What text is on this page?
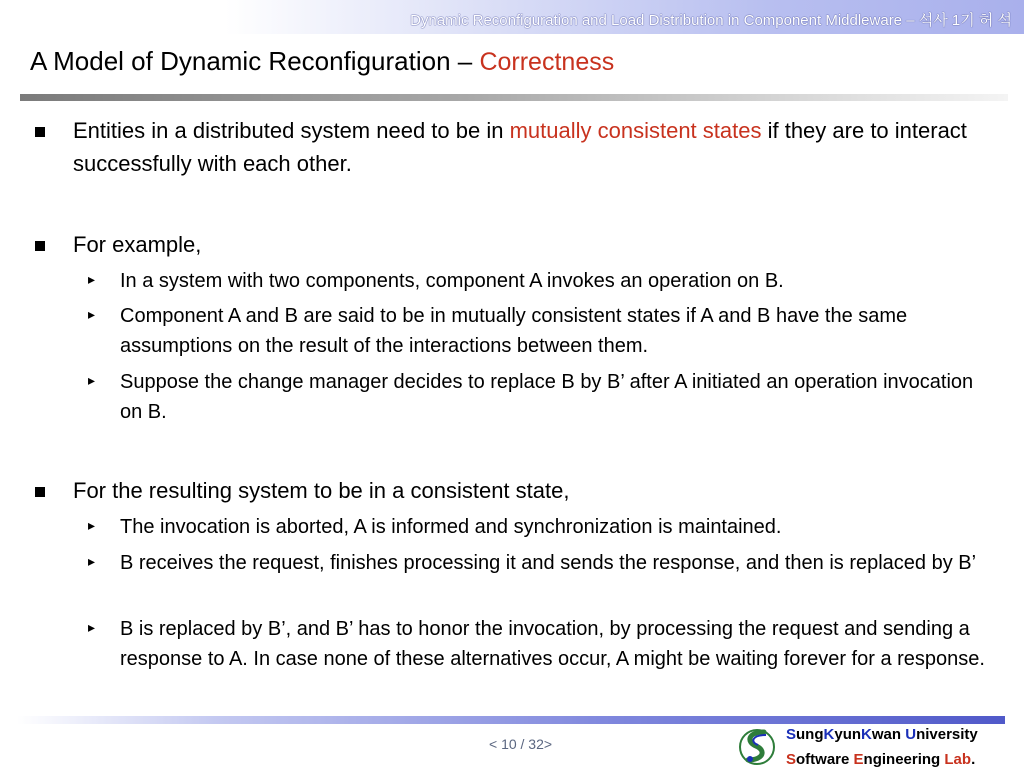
Dynamic Reconfiguration and Load Distribution in Component Middleware – 석사 1기 허 석
A Model of Dynamic Reconfiguration – Correctness
Entities in a distributed system need to be in mutually consistent states if they are to interact successfully with each other.
For example,
▸ In a system with two components, component A invokes an operation on B.
▸ Component A and B are said to be in mutually consistent states if A and B have the same assumptions on the result of the interactions between them.
▸ Suppose the change manager decides to replace B by B’ after A initiated an operation invocation on B.
For the resulting system to be in a consistent state,
▸ The invocation is aborted, A is informed and synchronization is maintained.
▸ B receives the request, finishes processing it and sends the response, and then is replaced by B’
▸ B is replaced by B’, and B’ has to honor the invocation, by processing the request and sending a response to A. In case none of these alternatives occur, A might be waiting forever for a response.
< 10 / 32>
SungKyunKwan University
Software Engineering Lab.
